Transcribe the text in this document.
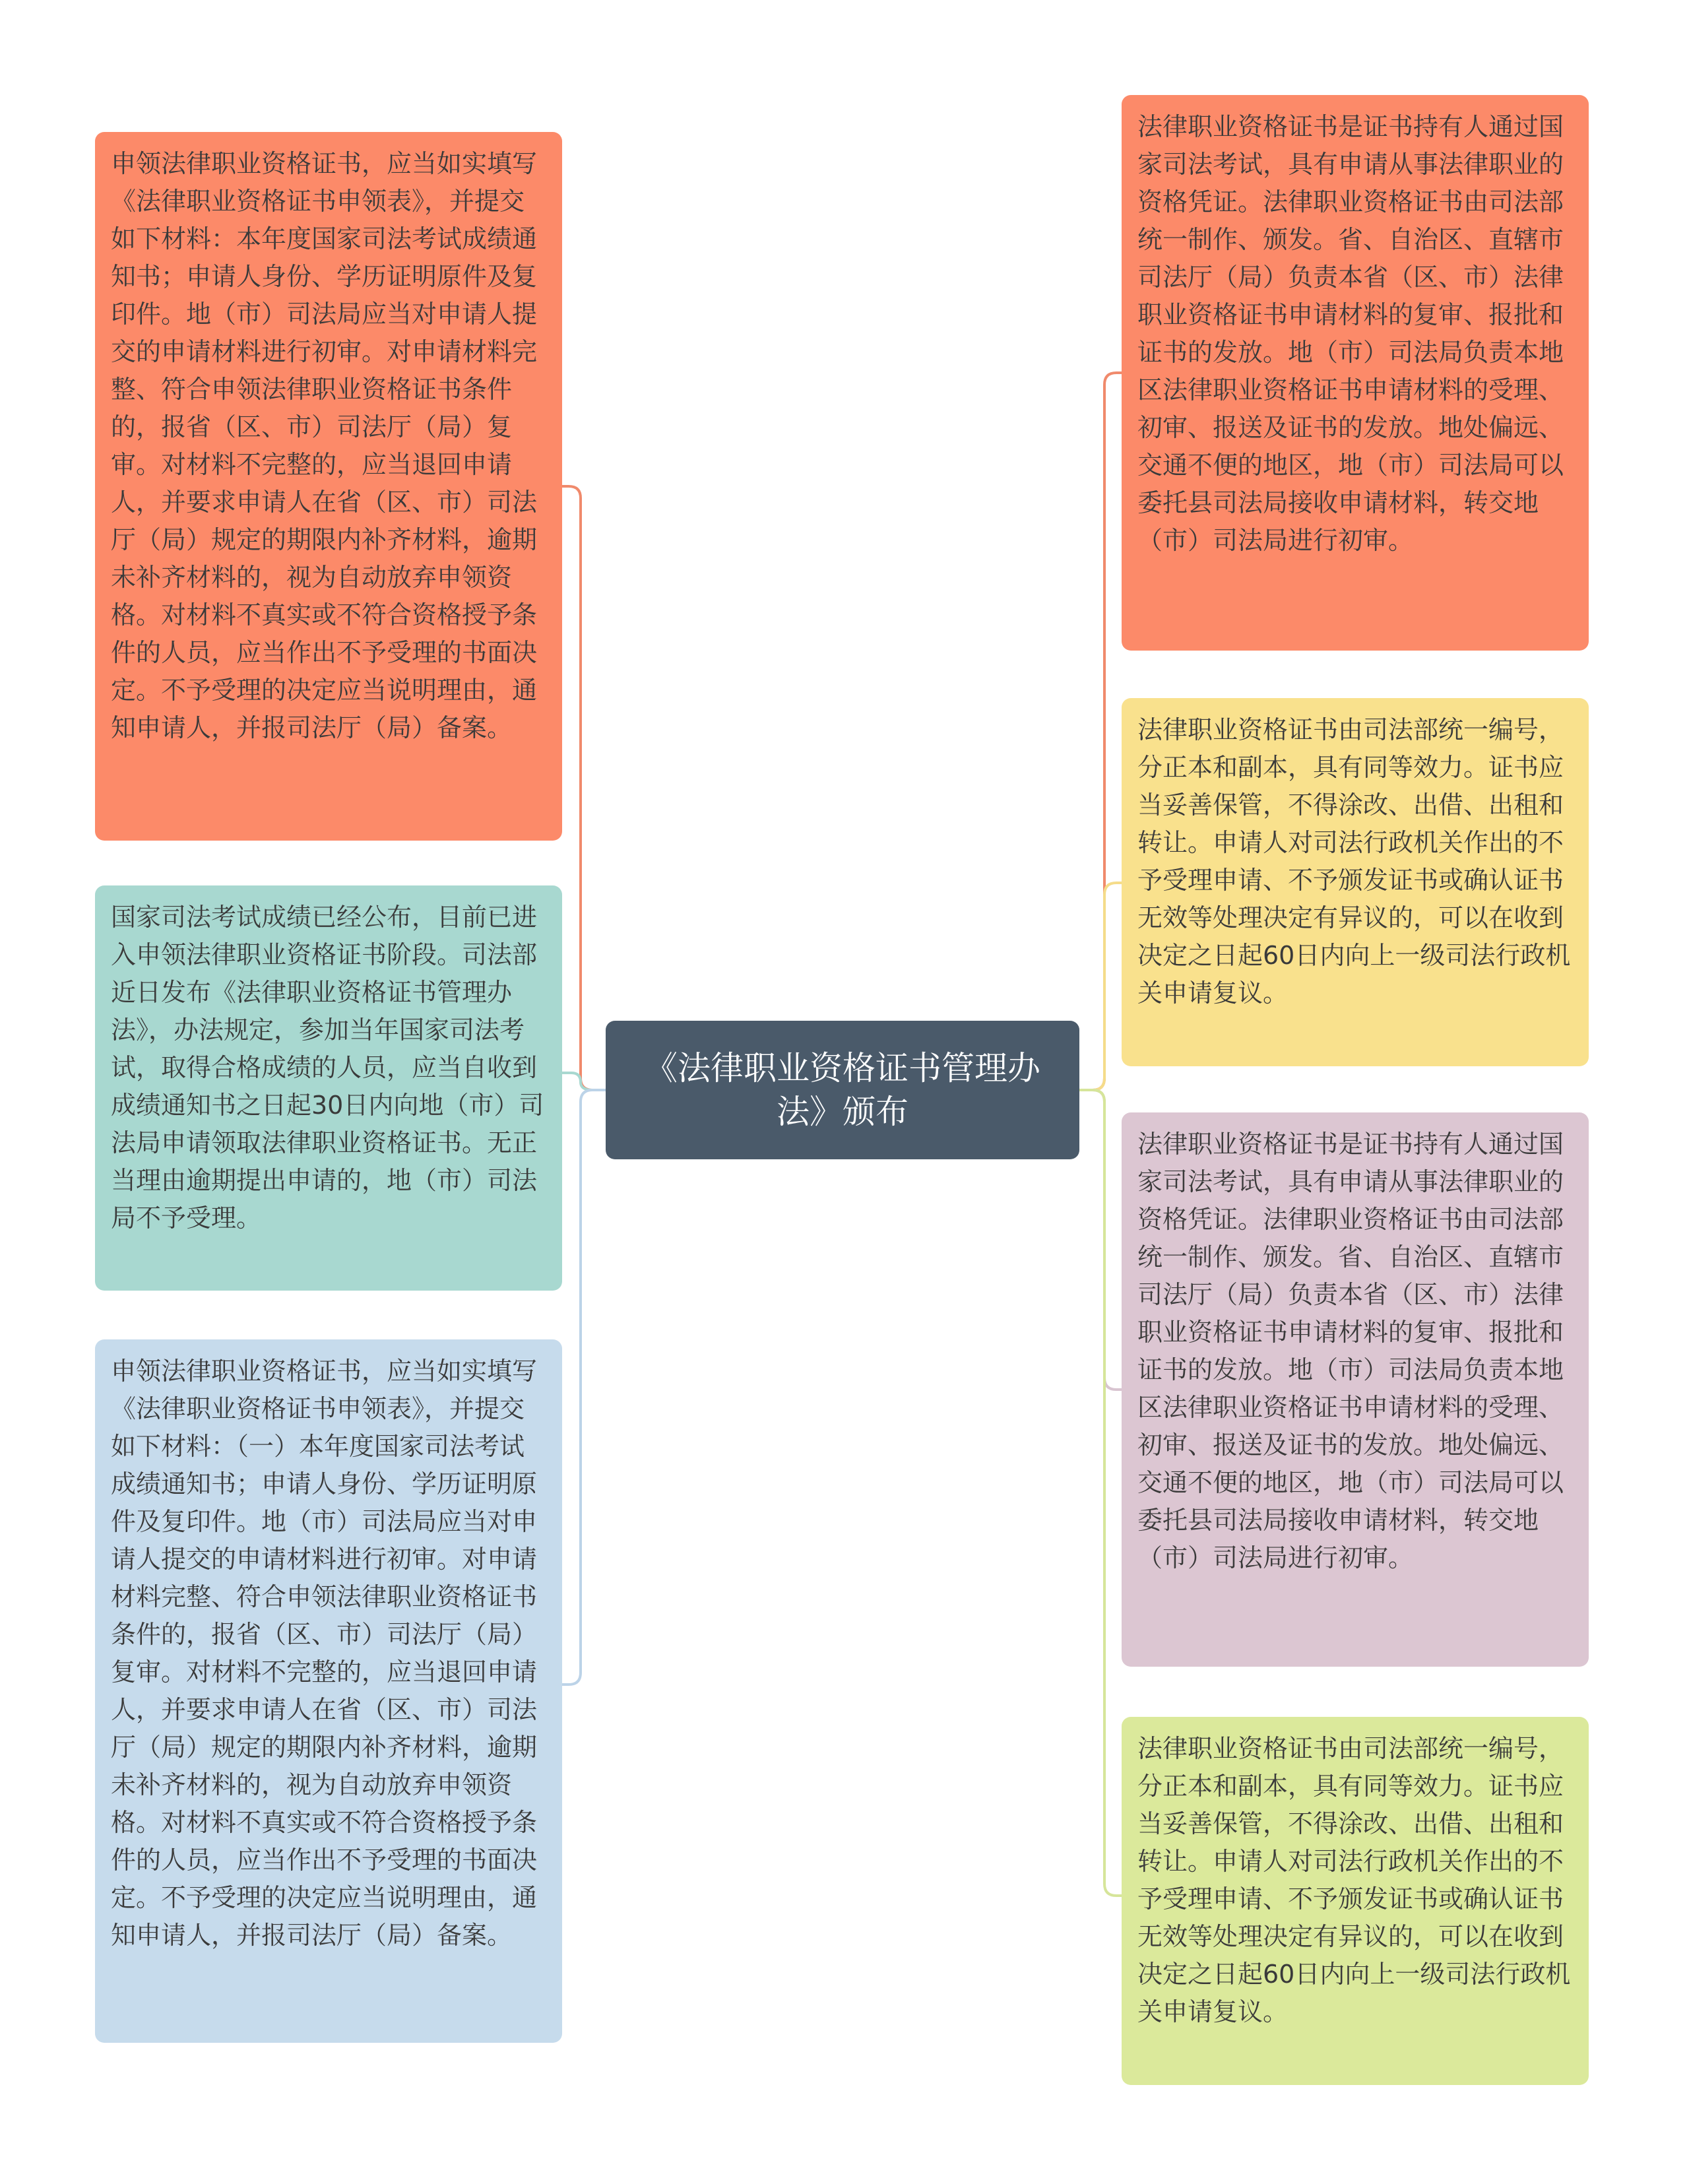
《法律职业资格证书管理办法》颁布
申领法律职业资格证书，应当如实填写《法律职业资格证书申领表》，并提交如下材料：本年度国家司法考试成绩通知书；申请人身份、学历证明原件及复印件。地（市）司法局应当对申请人提交的申请材料进行初审。对申请材料完整、符合申领法律职业资格证书条件的，报省（区、市）司法厅（局）复审。对材料不完整的，应当退回申请人，并要求申请人在省（区、市）司法厅（局）规定的期限内补齐材料，逾期未补齐材料的，视为自动放弃申领资格。对材料不真实或不符合资格授予条件的人员，应当作出不予受理的书面决定。不予受理的决定应当说明理由，通知申请人，并报司法厅（局）备案。
国家司法考试成绩已经公布，目前已进入申领法律职业资格证书阶段。司法部近日发布《法律职业资格证书管理办法》，办法规定，参加当年国家司法考试，取得合格成绩的人员，应当自收到成绩通知书之日起30日内向地（市）司法局申请领取法律职业资格证书。无正当理由逾期提出申请的，地（市）司法局不予受理。
申领法律职业资格证书，应当如实填写《法律职业资格证书申领表》，并提交如下材料：（一）本年度国家司法考试成绩通知书；申请人身份、学历证明原件及复印件。地（市）司法局应当对申请人提交的申请材料进行初审。对申请材料完整、符合申领法律职业资格证书条件的，报省（区、市）司法厅（局）复审。对材料不完整的，应当退回申请人，并要求申请人在省（区、市）司法厅（局）规定的期限内补齐材料，逾期未补齐材料的，视为自动放弃申领资格。对材料不真实或不符合资格授予条件的人员，应当作出不予受理的书面决定。不予受理的决定应当说明理由，通知申请人，并报司法厅（局）备案。
法律职业资格证书是证书持有人通过国家司法考试，具有申请从事法律职业的资格凭证。法律职业资格证书由司法部统一制作、颁发。省、自治区、直辖市司法厅（局）负责本省（区、市）法律职业资格证书申请材料的复审、报批和证书的发放。地（市）司法局负责本地区法律职业资格证书申请材料的受理、初审、报送及证书的发放。地处偏远、交通不便的地区，地（市）司法局可以委托县司法局接收申请材料，转交地（市）司法局进行初审。
法律职业资格证书由司法部统一编号，分正本和副本，具有同等效力。证书应当妥善保管，不得涂改、出借、出租和转让。申请人对司法行政机关作出的不予受理申请、不予颁发证书或确认证书无效等处理决定有异议的，可以在收到决定之日起60日内向上一级司法行政机关申请复议。
法律职业资格证书是证书持有人通过国家司法考试，具有申请从事法律职业的资格凭证。法律职业资格证书由司法部统一制作、颁发。省、自治区、直辖市司法厅（局）负责本省（区、市）法律职业资格证书申请材料的复审、报批和证书的发放。地（市）司法局负责本地区法律职业资格证书申请材料的受理、初审、报送及证书的发放。地处偏远、交通不便的地区，地（市）司法局可以委托县司法局接收申请材料，转交地（市）司法局进行初审。
法律职业资格证书由司法部统一编号，分正本和副本，具有同等效力。证书应当妥善保管，不得涂改、出借、出租和转让。申请人对司法行政机关作出的不予受理申请、不予颁发证书或确认证书无效等处理决定有异议的，可以在收到决定之日起60日内向上一级司法行政机关申请复议。
